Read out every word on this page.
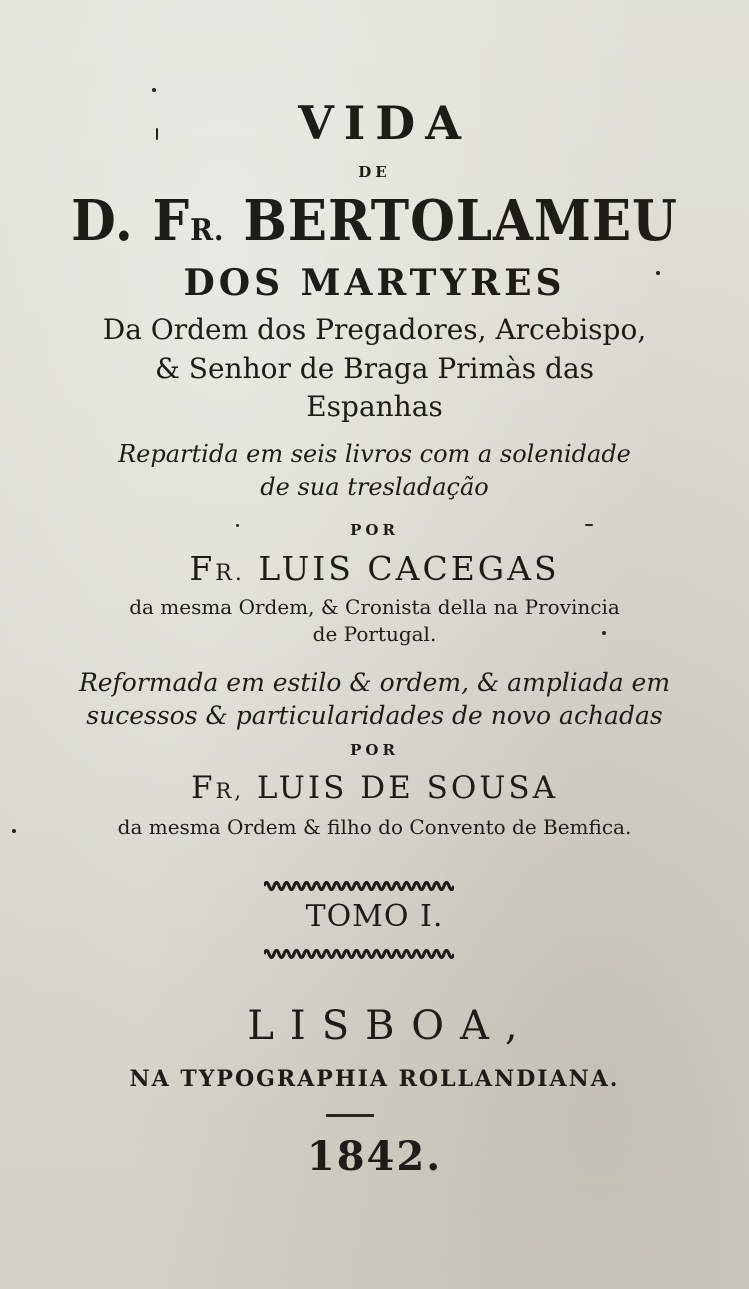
VIDA

DE

D. FR. BERTOLAMEU

DOS MARTYRES

Da Ordem dos Pregadores, Arcebispo,

& Senhor de Braga Primàs das

Espanhas

Repartida em seis livros com a solenidade

de sua tresladação

POR

FR. LUIS CACEGAS

da mesma Ordem, & Cronista della na Provincia

de Portugal.

Reformada em estilo & ordem, & ampliada em

sucessos & particularidades de novo achadas

POR

FR, LUIS DE SOUSA

da mesma Ordem & filho do Convento de Bemfica.

TOMO I.

LISBOA,

NA TYPOGRAPHIA ROLLANDIANA.

1842.
